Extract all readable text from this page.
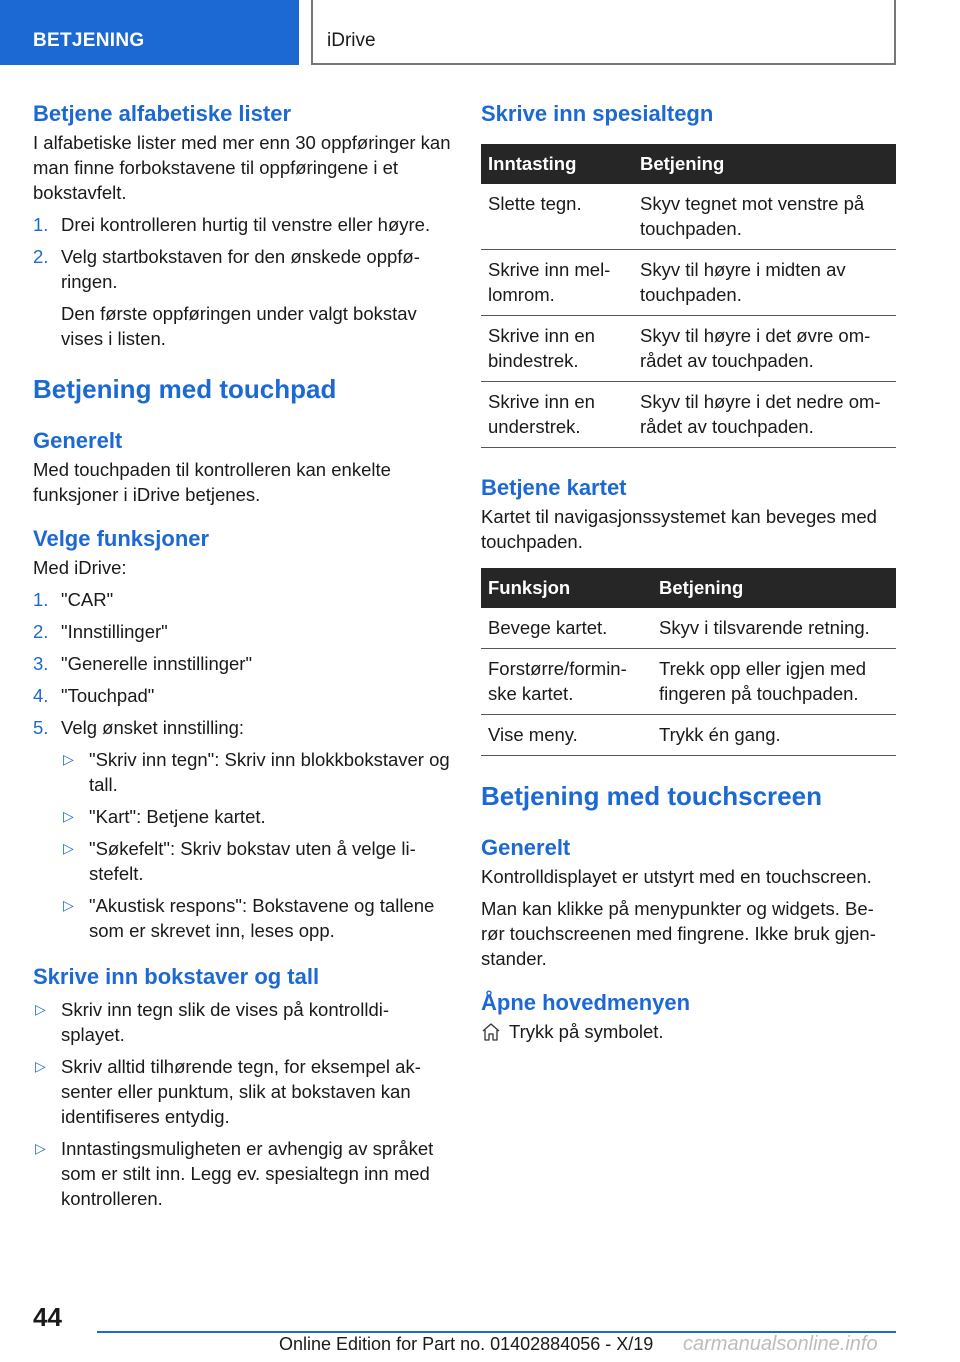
BETJENING	iDrive
Betjene alfabetiske lister
I alfabetiske lister med mer enn 30 oppføringer kan man finne forbokstavene til oppføringene i et bokstavfelt.
1. Drei kontrolleren hurtig til venstre eller høyre.
2. Velg startbokstaven for den ønskede oppfø-ringen.
Den første oppføringen under valgt bokstav vises i listen.
Betjening med touchpad
Generelt
Med touchpaden til kontrolleren kan enkelte funksjoner i iDrive betjenes.
Velge funksjoner
Med iDrive:
1. "CAR"
2. "Innstillinger"
3. "Generelle innstillinger"
4. "Touchpad"
5. Velg ønsket innstilling:
▷ "Skriv inn tegn": Skriv inn blokkbokstaver og tall.
▷ "Kart": Betjene kartet.
▷ "Søkefelt": Skriv bokstav uten å velge li-stefelt.
▷ "Akustisk respons": Bokstavene og tallene som er skrevet inn, leses opp.
Skrive inn bokstaver og tall
▷ Skriv inn tegn slik de vises på kontrolldi-splayet.
▷ Skriv alltid tilhørende tegn, for eksempel ak-senter eller punktum, slik at bokstaven kan identifiseres entydig.
▷ Inntastingsmuligheten er avhengig av språket som er stilt inn. Legg ev. spesialtegn inn med kontrolleren.
Skrive inn spesialtegn
Inntasting	Betjening
Slette tegn.	Skyv tegnet mot venstre på touchpaden.
Skrive inn mel-lomrom.	Skyv til høyre i midten av touchpaden.
Skrive inn en bindestrek.	Skyv til høyre i det øvre om-rådet av touchpaden.
Skrive inn en understrek.	Skyv til høyre i det nedre om-rådet av touchpaden.
Betjene kartet
Kartet til navigasjonssystemet kan beveges med touchpaden.
Funksjon	Betjening
Bevege kartet.	Skyv i tilsvarende retning.
Forstørre/formin-ske kartet.	Trekk opp eller igjen med fingeren på touchpaden.
Vise meny.	Trykk én gang.
Betjening med touchscreen
Generelt
Kontrolldisplayet er utstyrt med en touchscreen.
Man kan klikke på menypunkter og widgets. Be-rør touchscreenen med fingrene. Ikke bruk gjen-stander.
Åpne hovedmenyen
Trykk på symbolet.
44
Online Edition for Part no. 01402884056 - X/19 carmanualsonline.info
